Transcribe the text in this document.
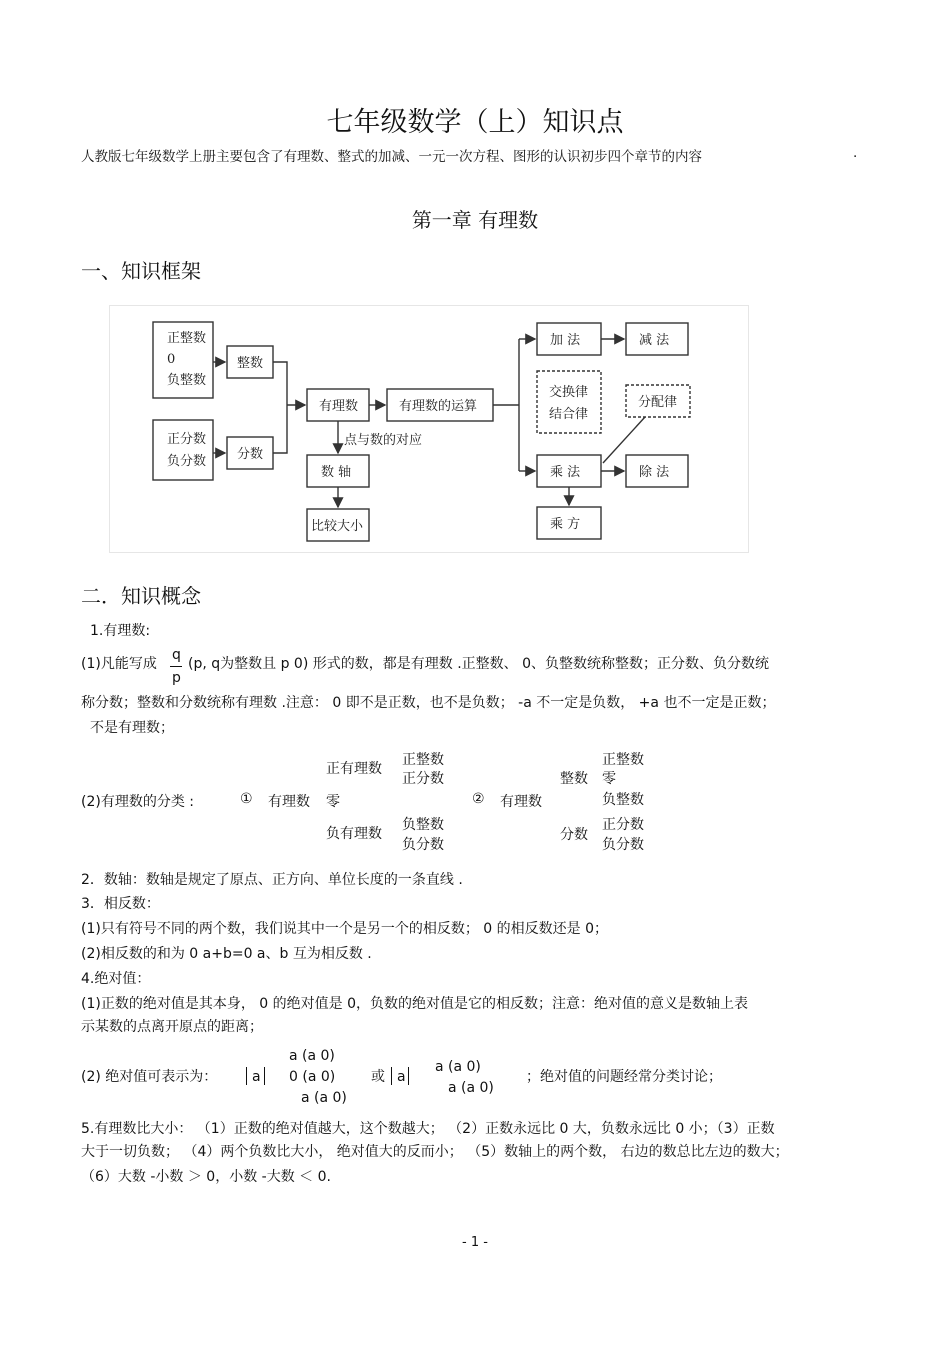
七年级数学（上）知识点
人教版七年级数学上册主要包含了有理数、整式的加减、一元一次方程、图形的认识初步四个章节的内容	.
第一章 有理数
一、知识框架
正整数
0
负整数
整数
正分数
负分数 分数
有理数	有理数的运算
点与数的对应
数 轴
比较大小
加 法	减 法
交换律
结合律
分配律
乘 法	除 法
乘 方
二．知识概念
1.有理数:
(1)凡能写成
q
p
(p, q为整数且 p 0) 形式的数，都是有理数 .正整数、 0、负整数统称整数；正分数、负分数统
称分数；整数和分数统称有理数 .注意： 0 即不是正数，也不是负数； -a 不一定是负数， +a 也不一定是正数；
不是有理数；
(2)有理数的分类 :	① 有理数
正有理数
正整数
正分数
零
负有理数
负整数
负分数
② 有理数
整数
正整数
零
负整数
分数
正分数
负分数
2．数轴：数轴是规定了原点、正方向、单位长度的一条直线 .
3．相反数：
(1)只有符号不同的两个数，我们说其中一个是另一个的相反数； 0 的相反数还是 0；
(2)相反数的和为 0 a+b=0 a、b 互为相反数 .
4.绝对值：
(1)正数的绝对值是其本身， 0 的绝对值是 0，负数的绝对值是它的相反数；注意：绝对值的意义是数轴上表
示某数的点离开原点的距离；
(2) 绝对值可表示为： a
a (a 0)
0 (a 0)
a (a 0)
或 a
a (a 0)
a (a 0)
；绝对值的问题经常分类讨论；
5.有理数比大小： （1）正数的绝对值越大，这个数越大； （2）正数永远比 0 大，负数永远比 0 小；（3）正数
大于一切负数； （4）两个负数比大小， 绝对值大的反而小； （5）数轴上的两个数， 右边的数总比左边的数大；
（6）大数 -小数 ＞ 0，小数 -大数 ＜ 0.
- 1 -
